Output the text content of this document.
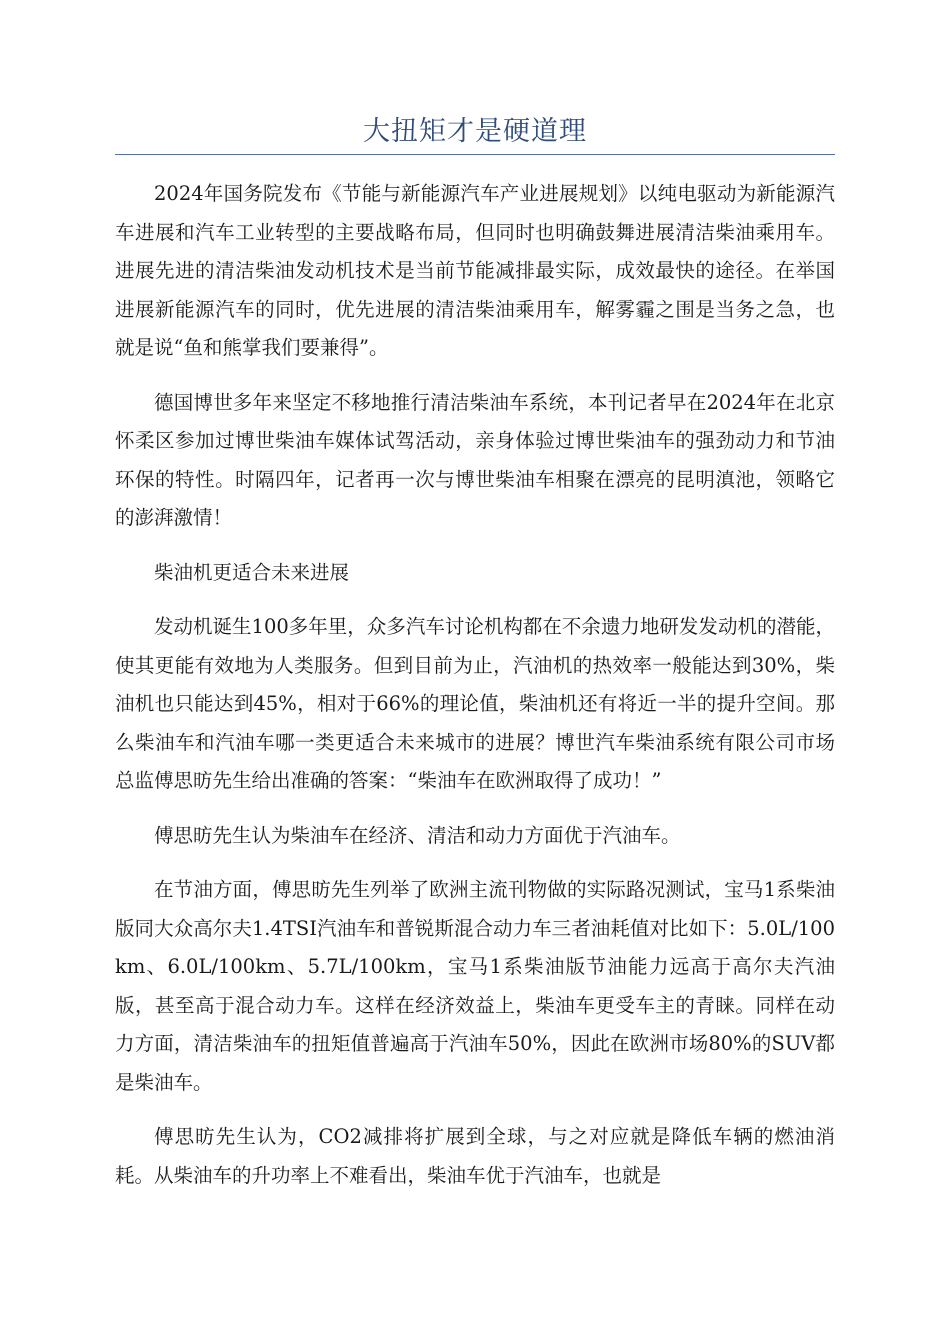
大扭矩才是硬道理

2024年国务院发布《节能与新能源汽车产业进展规划》以纯电驱动为新能源汽车进展和汽车工业转型的主要战略布局，但同时也明确鼓舞进展清洁柴油乘用车。进展先进的清洁柴油发动机技术是当前节能减排最实际，成效最快的途径。在举国进展新能源汽车的同时，优先进展的清洁柴油乘用车，解雾霾之围是当务之急，也就是说“鱼和熊掌我们要兼得”。

德国博世多年来坚定不移地推行清洁柴油车系统，本刊记者早在2024年在北京怀柔区参加过博世柴油车媒体试驾活动，亲身体验过博世柴油车的强劲动力和节油环保的特性。时隔四年，记者再一次与博世柴油车相聚在漂亮的昆明滇池，领略它的澎湃激情！

柴油机更适合未来进展

发动机诞生100多年里，众多汽车讨论机构都在不余遗力地研发发动机的潜能，使其更能有效地为人类服务。但到目前为止，汽油机的热效率一般能达到30%，柴油机也只能达到45%，相对于66%的理论值，柴油机还有将近一半的提升空间。那么柴油车和汽油车哪一类更适合未来城市的进展？博世汽车柴油系统有限公司市场总监傅思昉先生给出准确的答案：“柴油车在欧洲取得了成功！”

傅思昉先生认为柴油车在经济、清洁和动力方面优于汽油车。

在节油方面，傅思昉先生列举了欧洲主流刊物做的实际路况测试，宝马1系柴油版同大众高尔夫1.4TSI汽油车和普锐斯混合动力车三者油耗值对比如下：5.0L/100km、6.0L/100km、5.7L/100km，宝马1系柴油版节油能力远高于高尔夫汽油版，甚至高于混合动力车。这样在经济效益上，柴油车更受车主的青睐。同样在动力方面，清洁柴油车的扭矩值普遍高于汽油车50%，因此在欧洲市场80%的SUV都是柴油车。

傅思昉先生认为，CO2减排将扩展到全球，与之对应就是降低车辆的燃油消耗。从柴油车的升功率上不难看出，柴油车优于汽油车，也就是
